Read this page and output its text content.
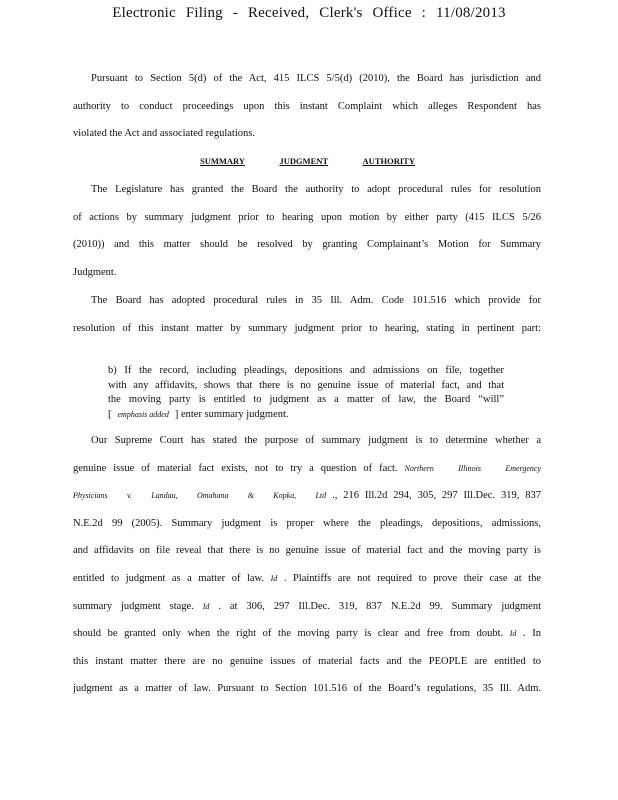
Electronic Filing - Received, Clerk's Office : 11/08/2013
Pursuant to Section 5(d) of the Act, 415 ILCS 5/5(d) (2010), the Board has jurisdiction and
authority to conduct proceedings upon this instant Complaint which alleges Respondent has
violated the Act and associated regulations.
SUMMARY	JUDGMENT	AUTHORITY
The Legislature has granted the Board the authority to adopt procedural rules for resolution
of actions by summary judgment prior to hearing upon motion by either party (415 ILCS 5/26
(2010)) and this matter should be resolved by granting Complainant’s Motion for Summary
Judgment.
The Board has adopted procedural rules in 35 Ill. Adm. Code 101.516 which provide for
resolution of this instant matter by summary judgment prior to hearing, stating in pertinent part:
b) If the record, including pleadings, depositions and admissions on file, together
with any affidavits, shows that there is no genuine issue of material fact, and that
the moving party is entitled to judgment as a matter of law, the Board “will”
[ emphasis added ] enter summary judgment.
Our Supreme Court has stated the purpose of summary judgment is to determine whether a
genuine issue of material fact exists, not to try a question of fact. Northern Illinois Emergency
Physicians v. Landau, Omahana & Kopka, Ltd ., 216 Ill.2d 294, 305, 297 Ill.Dec. 319, 837
N.E.2d 99 (2005). Summary judgment is proper where the pleadings, depositions, admissions,
and affidavits on file reveal that there is no genuine issue of material fact and the moving party is
entitled to judgment as a matter of law. Id . Plaintiffs are not required to prove their case at the
summary judgment stage. Id . at 306, 297 Ill.Dec. 319, 837 N.E.2d 99. Summary judgment
should be granted only when the right of the moving party is clear and free from doubt. Id . In
this instant matter there are no genuine issues of material facts and the PEOPLE are entitled to
judgment as a matter of law. Pursuant to Section 101.516 of the Board’s regulations, 35 Ill. Adm.
